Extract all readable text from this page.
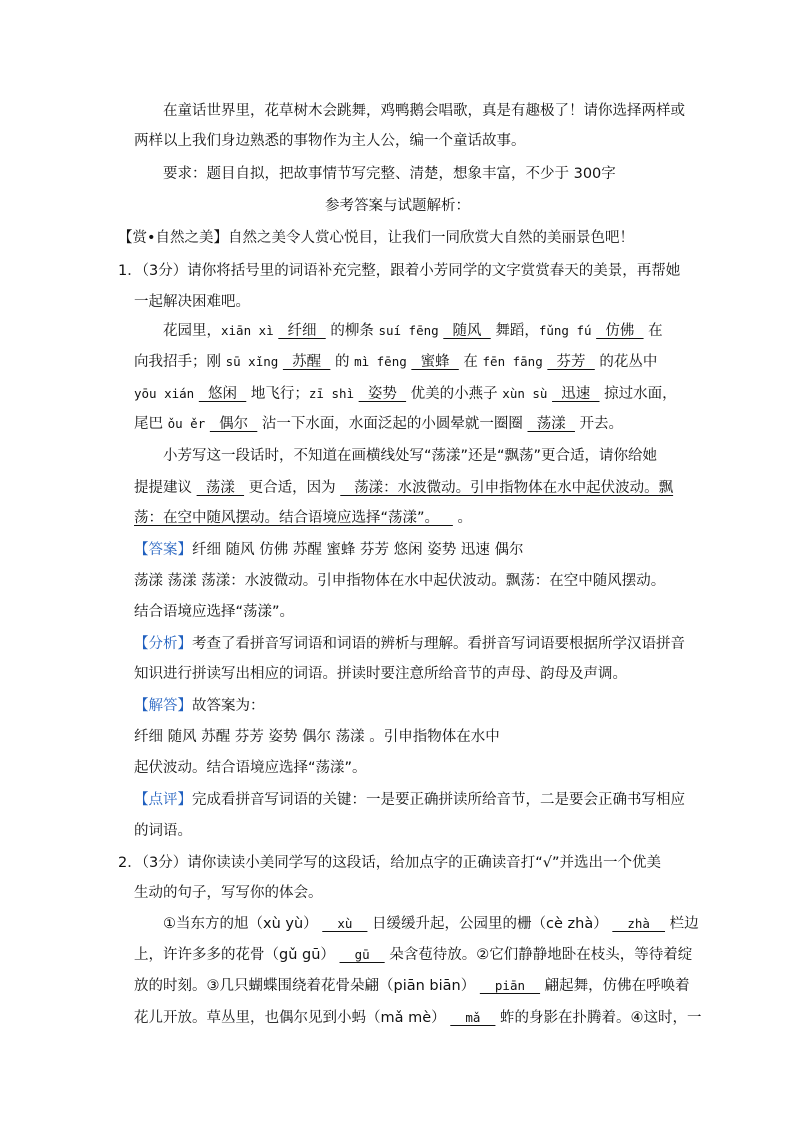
在童话世界里，花草树木会跳舞，鸡鸭鹅会唱歌，真是有趣极了！请你选择两样或
两样以上我们身边熟悉的事物作为主人公，编一个童话故事。
要求：题目自拟，把故事情节写完整、清楚，想象丰富，不少于 300字
参考答案与试题解析：
【赏•自然之美】自然之美令人赏心悦目，让我们一同欣赏大自然的美丽景色吧！
1．（3分）请你将括号里的词语补充完整，跟着小芳同学的文字赏赏春天的美景，再帮她
一起解决困难吧。
花园里，xiān xì   纤细   的柳条 suí fēng   随风   舞蹈，fǔng fú   仿佛   在
向我招手；刚 sū xǐng   苏醒   的 mì fēng   蜜蜂   在 fēn fāng   芬芳   的花丛中
yōu xián   悠闲   地飞行；zī shì   姿势   优美的小燕子 xùn sù   迅速   掠过水面，
尾巴 ǒu ěr   偶尔   沾一下水面，水面泛起的小圆晕就一圈圈   荡漾   开去。
小芳写这一段话时，不知道在画横线处写“荡漾”还是“飘荡”更合适，请你给她
提提建议   荡漾   更合适，因为    荡漾：水波微动。引申指物体在水中起伏波动。飘
荡：在空中随风摆动。结合语境应选择“荡漾”。    。
【答案】纤细 随风 仿佛 苏醒 蜜蜂 芬芳 悠闲 姿势 迅速 偶尔
荡漾 荡漾 荡漾：水波微动。引申指物体在水中起伏波动。飘荡：在空中随风摆动。
结合语境应选择“荡漾”。
【分析】考查了看拼音写词语和词语的辨析与理解。看拼音写词语要根据所学汉语拼音
知识进行拼读写出相应的词语。拼读时要注意所给音节的声母、韵母及声调。
【解答】故答案为：
纤细 随风 苏醒 芬芳 姿势 偶尔 荡漾 。引申指物体在水中
起伏波动。结合语境应选择“荡漾”。
【点评】完成看拼音写词语的关键：一是要正确拼读所给音节，二是要会正确书写相应
的词语。
2．（3分）请你读读小美同学写的这段话，给加点字的正确读音打“√”并选出一个优美
生动的句子，写写你的体会。
①当东方的旭（xù yù）   xù   日缓缓升起，公园里的栅（cè zhà）   zhà   栏边
上，许许多多的花骨（gǔ gū）   gū   朵含苞待放。②它们静静地卧在枝头，等待着绽
放的时刻。③几只蝴蝶围绕着花骨朵翩（piān biān）   piān   翩起舞，仿佛在呼唤着
花儿开放。草丛里，也偶尔见到小蚂（mǎ mè）   mǎ   蚱的身影在扑腾着。④这时，一
